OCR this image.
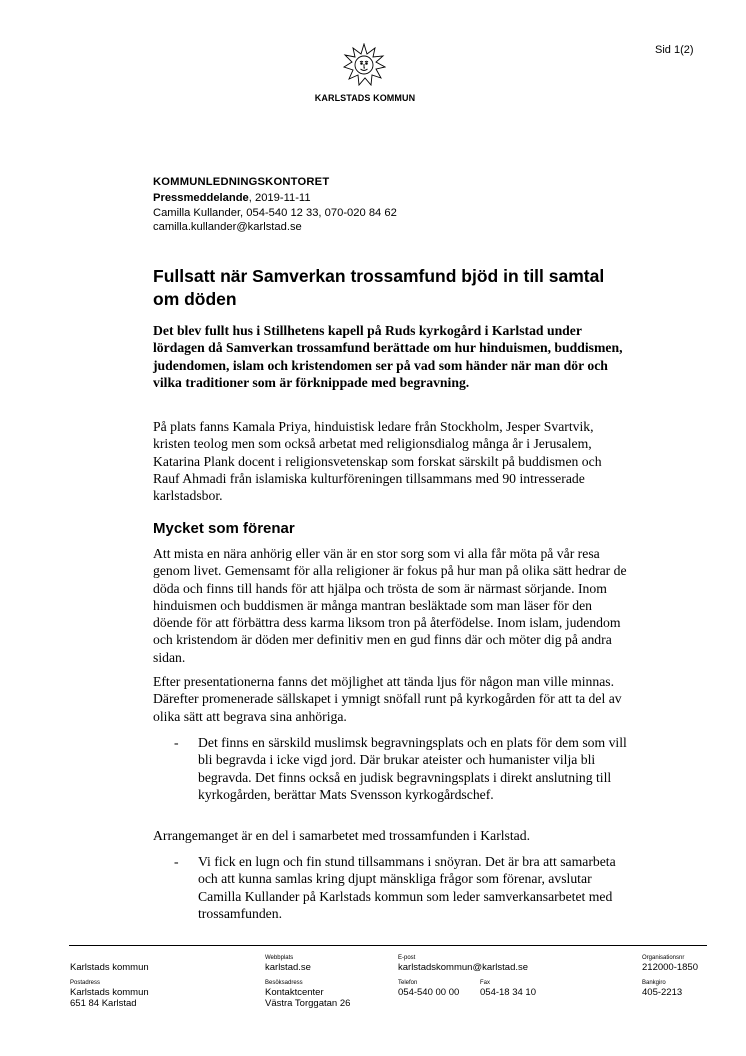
Sid 1(2)
KARLSTADS KOMMUN
KOMMUNLEDNINGSKONTORET
Pressmeddelande, 2019-11-11
Camilla Kullander, 054-540 12 33, 070-020 84 62
camilla.kullander@karlstad.se
Fullsatt när Samverkan trossamfund bjöd in till samtal om döden
Det blev fullt hus i Stillhetens kapell på Ruds kyrkogård i Karlstad under lördagen då Samverkan trossamfund berättade om hur hinduismen, buddismen, judendomen, islam och kristendomen ser på vad som händer när man dör och vilka traditioner som är förknippade med begravning.
På plats fanns Kamala Priya, hinduistisk ledare från Stockholm, Jesper Svartvik, kristen teolog men som också arbetat med religionsdialog många år i Jerusalem, Katarina Plank docent i religionsvetenskap som forskat särskilt på buddismen och Rauf Ahmadi från islamiska kulturföreningen tillsammans med 90 intresserade karlstadsbor.
Mycket som förenar
Att mista en nära anhörig eller vän är en stor sorg som vi alla får möta på vår resa genom livet. Gemensamt för alla religioner är fokus på hur man på olika sätt hedrar de döda och finns till hands för att hjälpa och trösta de som är närmast sörjande. Inom hinduismen och buddismen är många mantran besläktade som man läser för den döende för att förbättra dess karma liksom tron på återfödelse. Inom islam, judendom och kristendom är döden mer definitiv men en gud finns där och möter dig på andra sidan.
Efter presentationerna fanns det möjlighet att tända ljus för någon man ville minnas. Därefter promenerade sällskapet i ymnigt snöfall runt på kyrkogården för att ta del av olika sätt att begrava sina anhöriga.
- Det finns en särskild muslimsk begravningsplats och en plats för dem som vill bli begravda i icke vigd jord. Där brukar ateister och humanister vilja bli begravda. Det finns också en judisk begravningsplats i direkt anslutning till kyrkogården, berättar Mats Svensson kyrkogårdschef.
Arrangemanget är en del i samarbetet med trossamfunden i Karlstad.
- Vi fick en lugn och fin stund tillsammans i snöyran. Det är bra att samarbeta och att kunna samlas kring djupt mänskliga frågor som förenar, avslutar Camilla Kullander på Karlstads kommun som leder samverkansarbetet med trossamfunden.
Karlstads kommun
Webbplats
karlstad.se
E-post
karlstadskommun@karlstad.se
Organisationsnr
212000-1850
Postadress
Karlstads kommun
651 84 Karlstad
Besöksadress
Kontaktcenter
Västra Torggatan 26
Telefon
054-540 00 00
Fax
054-18 34 10
Bankgiro
405-2213
